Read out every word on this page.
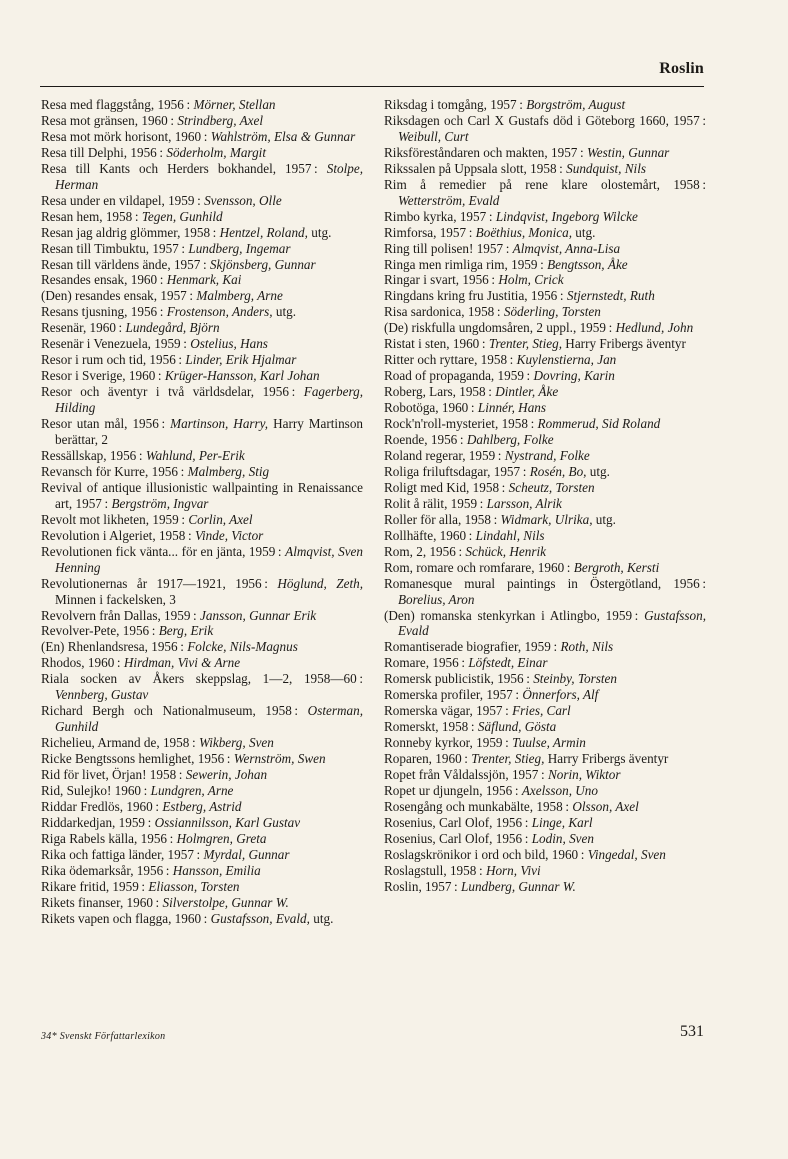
Roslin

Resa med flaggstång, 1956 : Mörner, Stellan

Resa mot gränsen, 1960 : Strindberg, Axel

Resa mot mörk horisont, 1960 : Wahlström, Elsa & Gunnar

Resa till Delphi, 1956 : Söderholm, Margit

Resa till Kants och Herders bokhandel, 1957 : Stolpe, Herman

Resa under en vildapel, 1959 : Svensson, Olle

Resan hem, 1958 : Tegen, Gunhild

Resan jag aldrig glömmer, 1958 : Hentzel, Roland, utg.

Resan till Timbuktu, 1957 : Lundberg, Ingemar

Resan till världens ände, 1957 : Skjönsberg, Gunnar

Resandes ensak, 1960 : Henmark, Kai

(Den) resandes ensak, 1957 : Malmberg, Arne

Resans tjusning, 1956 : Frostenson, Anders, utg.

Resenär, 1960 : Lundegård, Björn

Resenär i Venezuela, 1959 : Ostelius, Hans

Resor i rum och tid, 1956 : Linder, Erik Hjalmar

Resor i Sverige, 1960 : Krüger-Hansson, Karl Johan

Resor och äventyr i två världsdelar, 1956 : Fagerberg, Hilding

Resor utan mål, 1956 : Martinson, Harry, Harry Martinson berättar, 2

Ressällskap, 1956 : Wahlund, Per-Erik

Revansch för Kurre, 1956 : Malmberg, Stig

Revival of antique illusionistic wallpainting in Renaissance art, 1957 : Bergström, Ingvar

Revolt mot likheten, 1959 : Corlin, Axel

Revolution i Algeriet, 1958 : Vinde, Victor

Revolutionen fick vänta... för en jänta, 1959 : Almqvist, Sven Henning

Revolutionernas år 1917—1921, 1956 : Höglund, Zeth, Minnen i fackelsken, 3

Revolvern från Dallas, 1959 : Jansson, Gunnar Erik

Revolver-Pete, 1956 : Berg, Erik

(En) Rhenlandsresa, 1956 : Folcke, Nils-Magnus

Rhodos, 1960 : Hirdman, Vivi & Arne

Riala socken av Åkers skeppslag, 1—2, 1958—60 : Vennberg, Gustav

Richard Bergh och Nationalmuseum, 1958 : Osterman, Gunhild

Richelieu, Armand de, 1958 : Wikberg, Sven

Ricke Bengtssons hemlighet, 1956 : Wernström, Swen

Rid för livet, Örjan! 1958 : Sewerin, Johan

Rid, Sulejko! 1960 : Lundgren, Arne

Riddar Fredlös, 1960 : Estberg, Astrid

Riddarkedjan, 1959 : Ossiannilsson, Karl Gustav

Riga Rabels källa, 1956 : Holmgren, Greta

Rika och fattiga länder, 1957 : Myrdal, Gunnar

Rika ödemarksår, 1956 : Hansson, Emilia

Rikare fritid, 1959 : Eliasson, Torsten

Rikets finanser, 1960 : Silverstolpe, Gunnar W.

Rikets vapen och flagga, 1960 : Gustafsson, Evald, utg.

Riksdag i tomgång, 1957 : Borgström, August

Riksdagen och Carl X Gustafs död i Göteborg 1660, 1957 : Weibull, Curt

Riksföreståndaren och makten, 1957 : Westin, Gunnar

Rikssalen på Uppsala slott, 1958 : Sundquist, Nils

Rim å remedier på rene klare olostemårt, 1958 : Wetterström, Evald

Rimbo kyrka, 1957 : Lindqvist, Ingeborg Wilcke

Rimforsa, 1957 : Boëthius, Monica, utg.

Ring till polisen! 1957 : Almqvist, Anna-Lisa

Ringa men rimliga rim, 1959 : Bengtsson, Åke

Ringar i svart, 1956 : Holm, Crick

Ringdans kring fru Justitia, 1956 : Stjernstedt, Ruth

Risa sardonica, 1958 : Söderling, Torsten

(De) riskfulla ungdomsåren, 2 uppl., 1959 : Hedlund, John

Ristat i sten, 1960 : Trenter, Stieg, Harry Fribergs äventyr

Ritter och ryttare, 1958 : Kuylenstierna, Jan

Road of propaganda, 1959 : Dovring, Karin

Roberg, Lars, 1958 : Dintler, Åke

Robotöga, 1960 : Linnér, Hans

Rock'n'roll-mysteriet, 1958 : Rommerud, Sid Roland

Roende, 1956 : Dahlberg, Folke

Roland regerar, 1959 : Nystrand, Folke

Roliga friluftsdagar, 1957 : Rosén, Bo, utg.

Roligt med Kid, 1958 : Scheutz, Torsten

Rolit å rälit, 1959 : Larsson, Alrik

Roller för alla, 1958 : Widmark, Ulrika, utg.

Rollhäfte, 1960 : Lindahl, Nils

Rom, 2, 1956 : Schück, Henrik

Rom, romare och romfarare, 1960 : Bergroth, Kersti

Romanesque mural paintings in Östergötland, 1956 : Borelius, Aron

(Den) romanska stenkyrkan i Atlingbo, 1959 : Gustafsson, Evald

Romantiserade biografier, 1959 : Roth, Nils

Romare, 1956 : Löfstedt, Einar

Romersk publicistik, 1956 : Steinby, Torsten

Romerska profiler, 1957 : Önnerfors, Alf

Romerska vägar, 1957 : Fries, Carl

Romerskt, 1958 : Säflund, Gösta

Ronneby kyrkor, 1959 : Tuulse, Armin

Roparen, 1960 : Trenter, Stieg, Harry Fribergs äventyr

Ropet från Våldalssjön, 1957 : Norin, Wiktor

Ropet ur djungeln, 1956 : Axelsson, Uno

Rosengång och munkabälte, 1958 : Olsson, Axel

Rosenius, Carl Olof, 1956 : Linge, Karl

Rosenius, Carl Olof, 1956 : Lodin, Sven

Roslagskrönikor i ord och bild, 1960 : Vingedal, Sven

Roslagstull, 1958 : Horn, Vivi

Roslin, 1957 : Lundberg, Gunnar W.

34* Svenskt Författarlexikon	531
